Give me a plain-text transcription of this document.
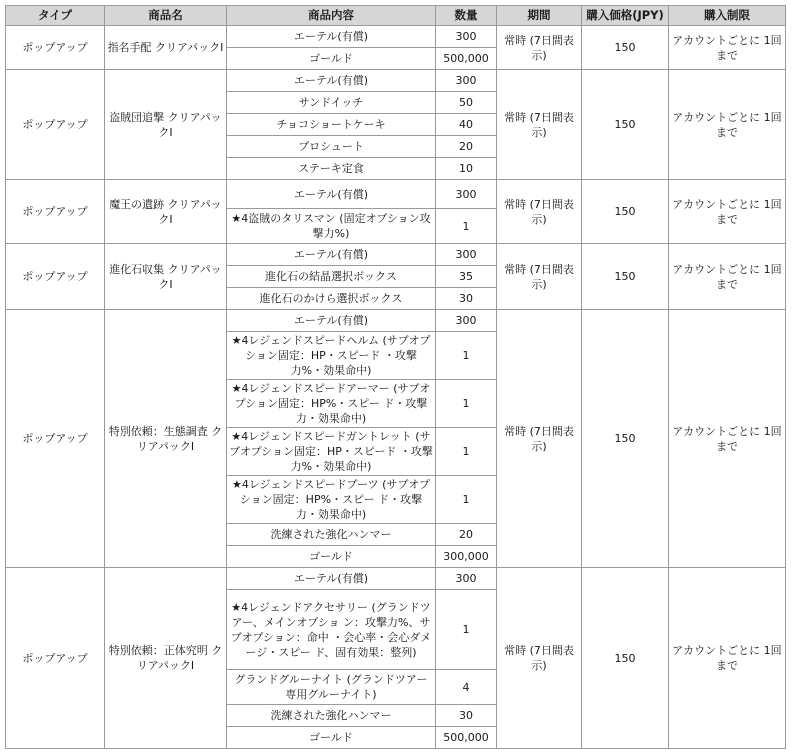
タイプ	商品名	商品内容	数量	期間	購入価格(JPY)	購入制限
ポップアップ	指名手配 クリアパックⅠ	エーテル(有償)	300	常時 (7日間表示)	150	アカウントごとに 1回まで
		ゴールド	500,000			
ポップアップ	盗賊団追撃 クリアパックⅠ	エーテル(有償)	300	常時 (7日間表示)	150	アカウントごとに 1回まで
		サンドイッチ	50			
		チョコショートケーキ	40			
		プロシュート	20			
		ステーキ定食	10			
ポップアップ	魔王の遺跡 クリアパックⅠ	エーテル(有償)	300	常時 (7日間表示)	150	アカウントごとに 1回まで
		★4盗賊のタリスマン (固定オプション攻撃力%)	1			
ポップアップ	進化石収集 クリアパックⅠ	エーテル(有償)	300	常時 (7日間表示)	150	アカウントごとに 1回まで
		進化石の結晶選択ボックス	35			
		進化石のかけら選択ボックス	30			
ポップアップ	特別依頼：生態調査 クリアパックⅠ	エーテル(有償)	300	常時 (7日間表示)	150	アカウントごとに 1回まで
		★4レジェンドスピードヘルム (サブオプション固定：HP・スピード ・攻撃力%・効果命中)	1			
		★4レジェンドスピードアーマー (サブオプション固定：HP%・スピー ド・攻撃力・効果命中)	1			
		★4レジェンドスピードガントレット (サブオプション固定：HP・スピード ・攻撃力%・効果命中)	1			
		★4レジェンドスピードブーツ (サブオプション固定：HP%・スピー ド・攻撃力・効果命中)	1			
		洗練された強化ハンマー	20			
		ゴールド	300,000			
ポップアップ	特別依頼：正体究明 クリアパックⅠ	エーテル(有償)	300	常時 (7日間表示)	150	アカウントごとに 1回まで
		★4レジェンドアクセサリー (グランドツアー、メインオプショ ン：攻撃力%、サブオプション：命中 ・会心率・会心ダメージ・スピー ド、固有効果：整列)	1			
		グランドグルーナイト (グランドツアー専用グルーナイト)	4			
		洗練された強化ハンマー	30			
		ゴールド	500,000			
